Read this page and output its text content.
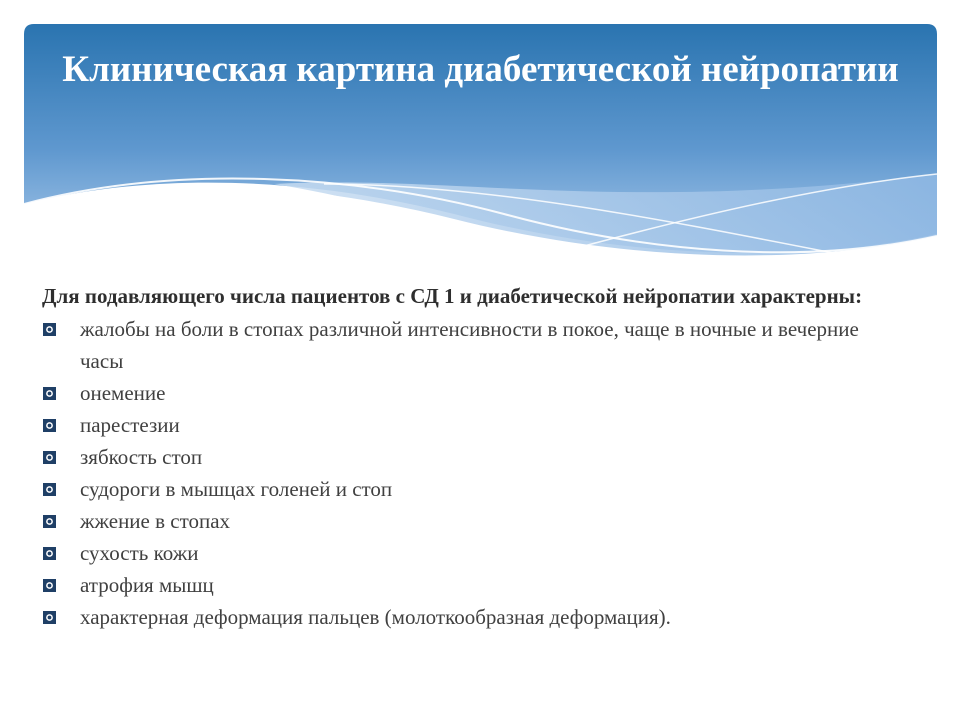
Клиническая картина диабетической нейропатии

Для подавляющего числа пациентов с СД 1 и диабетической нейропатии характерны:

жалобы на боли в стопах различной интенсивности в покое, чаще в ночные и вечерние часы
онемение
парестезии
зябкость стоп
судороги в мышцах голеней и стоп
жжение в стопах
сухость кожи
атрофия мышц
характерная деформация пальцев (молоткообразная деформация).
